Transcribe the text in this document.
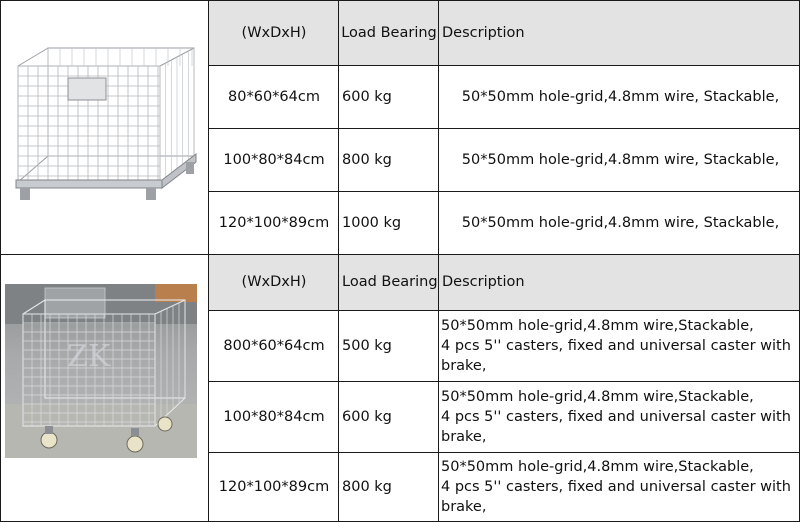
(WxDxH)	Load Bearing Description
80*60*64cm	600 kg	50*50mm hole-grid,4.8mm wire, Stackable,
100*80*84cm	800 kg	50*50mm hole-grid,4.8mm wire, Stackable,
120*100*89cm 1000 kg	50*50mm hole-grid,4.8mm wire, Stackable,
(WxDxH)	Load Bearing Description
800*60*64cm	500 kg
50*50mm hole-grid,4.8mm wire,Stackable,
4 pcs 5'' casters, fixed and universal caster with
brake,
100*80*84cm	600 kg
50*50mm hole-grid,4.8mm wire,Stackable,
4 pcs 5'' casters, fixed and universal caster with
brake,
120*100*89cm 800 kg
50*50mm hole-grid,4.8mm wire,Stackable,
4 pcs 5'' casters, fixed and universal caster with
brake,
ZK
